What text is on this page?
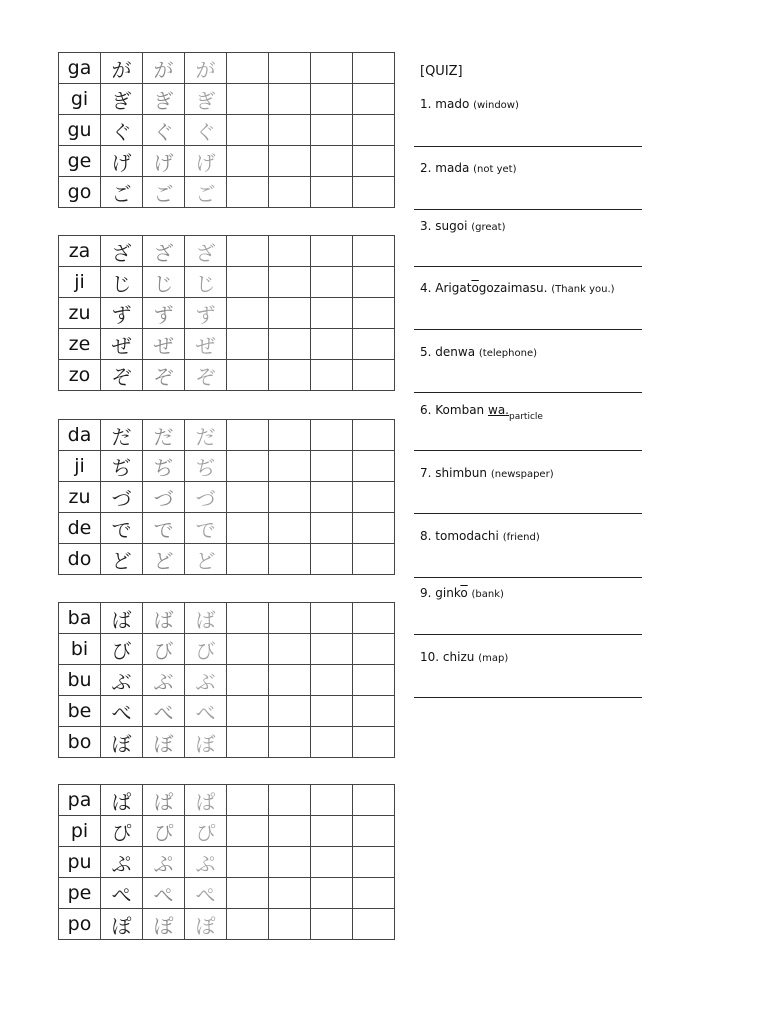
ga	が	が	が				
gi	ぎ	ぎ	ぎ				
gu	ぐ	ぐ	ぐ				
ge	げ	げ	げ				
go	ご	ご	ご				
za	ざ	ざ	ざ				
ji	じ	じ	じ				
zu	ず	ず	ず				
ze	ぜ	ぜ	ぜ				
zo	ぞ	ぞ	ぞ				
da	だ	だ	だ				
ji	ぢ	ぢ	ぢ				
zu	づ	づ	づ				
de	で	で	で				
do	ど	ど	ど				
ba	ば	ば	ば				
bi	び	び	び				
bu	ぶ	ぶ	ぶ				
be	べ	べ	べ				
bo	ぼ	ぼ	ぼ				
pa	ぱ	ぱ	ぱ				
pi	ぴ	ぴ	ぴ				
pu	ぷ	ぷ	ぷ				
pe	ぺ	ぺ	ぺ				
po	ぽ	ぽ	ぽ				
[QUIZ]
1. mado (window)
2. mada (not yet)
3. sugoi (great)
4. $Arigat\overline{o}gozaimasu$. (Thank you.)
5. denwa (telephone)
6. Komban $wa._{particle}$
7. shimbun (newspaper)
8. tomodachi (friend)
9. $gink\overline{o}$ (bank)
10. chizu (map)
